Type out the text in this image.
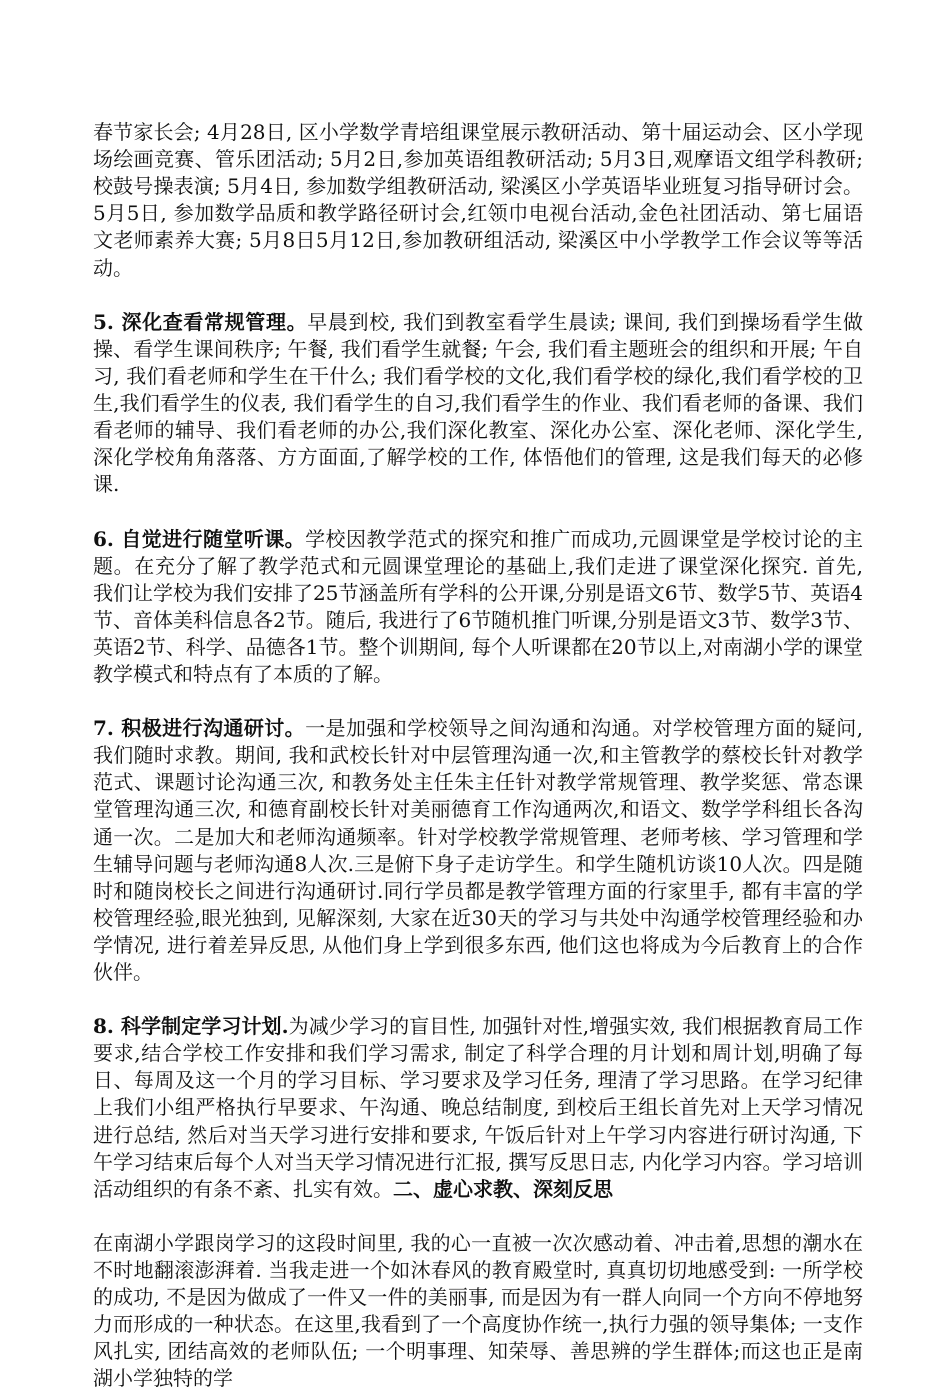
春节家长会; 4月28日, 区小学数学青培组课堂展示教研活动、第十届运动会、区小学现场绘画竞赛、管乐团活动; 5月2日,参加英语组教研活动; 5月3日,观摩语文组学科教研; 校鼓号操表演; 5月4日, 参加数学组教研活动, 梁溪区小学英语毕业班复习指导研讨会。5月5日, 参加数学品质和教学路径研讨会,红领巾电视台活动,金色社团活动、第七届语文老师素养大赛; 5月8日5月12日,参加教研组活动, 梁溪区中小学教学工作会议等等活动。

5. 深化查看常规管理。早晨到校, 我们到教室看学生晨读; 课间, 我们到操场看学生做操、看学生课间秩序; 午餐, 我们看学生就餐; 午会, 我们看主题班会的组织和开展; 午自习, 我们看老师和学生在干什么; 我们看学校的文化,我们看学校的绿化,我们看学校的卫生,我们看学生的仪表, 我们看学生的自习,我们看学生的作业、我们看老师的备课、我们看老师的辅导、我们看老师的办公,我们深化教室、深化办公室、深化老师、深化学生,深化学校角角落落、方方面面,了解学校的工作, 体悟他们的管理, 这是我们每天的必修课.

6. 自觉进行随堂听课。学校因教学范式的探究和推广而成功,元圆课堂是学校讨论的主题。在充分了解了教学范式和元圆课堂理论的基础上,我们走进了课堂深化探究. 首先, 我们让学校为我们安排了25节涵盖所有学科的公开课,分别是语文6节、数学5节、英语4节、音体美科信息各2节。随后, 我进行了6节随机推门听课,分别是语文3节、数学3节、英语2节、科学、品德各1节。整个训期间, 每个人听课都在20节以上,对南湖小学的课堂教学模式和特点有了本质的了解。

7. 积极进行沟通研讨。一是加强和学校领导之间沟通和沟通。对学校管理方面的疑问,我们随时求教。期间, 我和武校长针对中层管理沟通一次,和主管教学的蔡校长针对教学范式、课题讨论沟通三次, 和教务处主任朱主任针对教学常规管理、教学奖惩、常态课堂管理沟通三次, 和德育副校长针对美丽德育工作沟通两次,和语文、数学学科组长各沟通一次。二是加大和老师沟通频率。针对学校教学常规管理、老师考核、学习管理和学生辅导问题与老师沟通8人次.三是俯下身子走访学生。和学生随机访谈10人次。四是随时和随岗校长之间进行沟通研讨.同行学员都是教学管理方面的行家里手, 都有丰富的学校管理经验,眼光独到, 见解深刻, 大家在近30天的学习与共处中沟通学校管理经验和办学情况, 进行着差异反思, 从他们身上学到很多东西, 他们这也将成为今后教育上的合作伙伴。

8. 科学制定学习计划.为减少学习的盲目性, 加强针对性,增强实效, 我们根据教育局工作要求,结合学校工作安排和我们学习需求, 制定了科学合理的月计划和周计划,明确了每日、每周及这一个月的学习目标、学习要求及学习任务, 理清了学习思路。在学习纪律上我们小组严格执行早要求、午沟通、晚总结制度, 到校后王组长首先对上天学习情况进行总结, 然后对当天学习进行安排和要求, 午饭后针对上午学习内容进行研讨沟通, 下午学习结束后每个人对当天学习情况进行汇报, 撰写反思日志, 内化学习内容。学习培训活动组织的有条不紊、扎实有效。二、虚心求教、深刻反思

在南湖小学跟岗学习的这段时间里, 我的心一直被一次次感动着、冲击着,思想的潮水在不时地翻滚澎湃着. 当我走进一个如沐春风的教育殿堂时, 真真切切地感受到: 一所学校的成功, 不是因为做成了一件又一件的美丽事, 而是因为有一群人向同一个方向不停地努力而形成的一种状态。在这里,我看到了一个高度协作统一,执行力强的领导集体; 一支作风扎实, 团结高效的老师队伍; 一个明事理、知荣辱、善思辨的学生群体;而这也正是南湖小学独特的学
